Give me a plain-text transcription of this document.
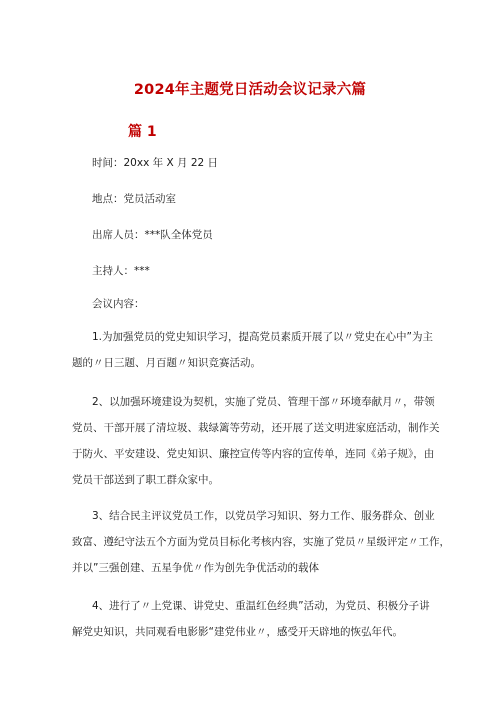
2024年主题党日活动会议记录六篇
篇 1
时间：20xx 年 X 月 22 日
地点：党员活动室
出席人员：***队全体党员
主持人：***
会议内容：
1.为加强党员的党史知识学习，提高党员素质开展了以〃党史在心中”为主
题的〃日三题、月百题〃知识竞赛活动。
2、以加强环境建设为契机，实施了党员、管理干部〃环境奉献月〃，带领
党员、干部开展了清垃圾、栽绿篱等劳动，还开展了送文明进家庭活动，制作关
于防火、平安建设、党史知识、廉控宣传等内容的宣传单，连同《弟子规》，由
党员干部送到了职工群众家中。
3、结合民主评议党员工作，以党员学习知识、努力工作、服务群众、创业
致富、遵纪守法五个方面为党员目标化考核内容，实施了党员〃星级评定〃工作，
并以”三强创建、五星争优〃作为创先争优活动的载体
4、进行了〃上党课、讲党史、重温红色经典”活动，为党员、积极分子讲
解党史知识，共同观看电影影“建党伟业〃，感受开天辟地的恢弘年代。
